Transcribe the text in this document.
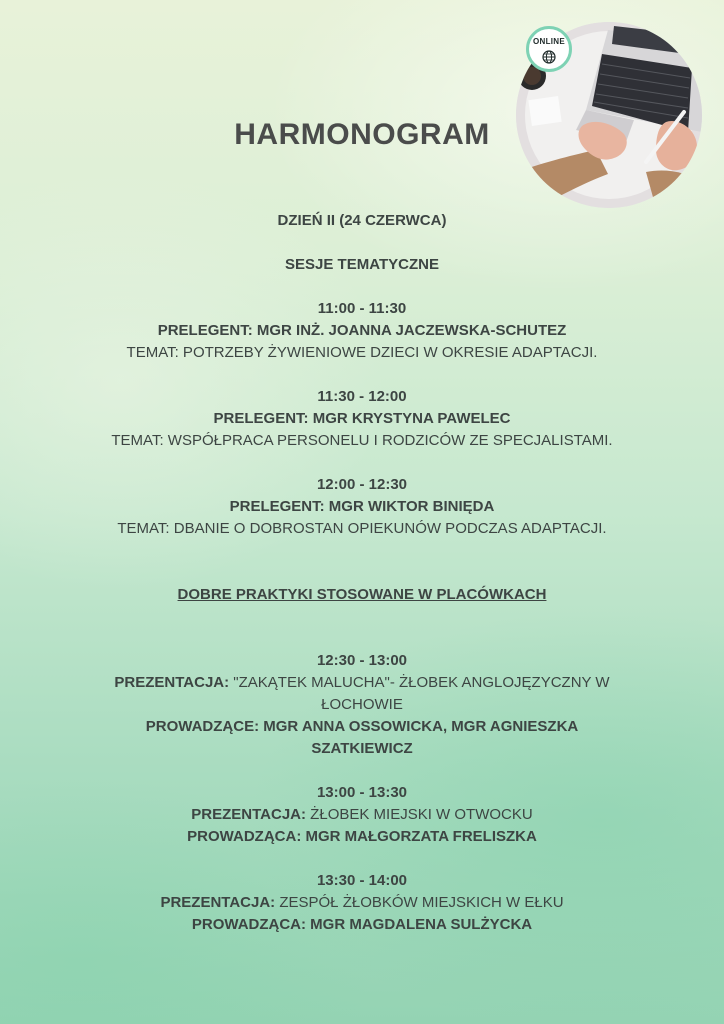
ONLINE
HARMONOGRAM
DZIEŃ II (24 CZERWCA)
SESJE TEMATYCZNE
11:00 - 11:30
PRELEGENT: MGR INŻ. JOANNA JACZEWSKA-SCHUTEZ
TEMAT: POTRZEBY ŻYWIENIOWE DZIECI W OKRESIE ADAPTACJI.
11:30 - 12:00
PRELEGENT: MGR KRYSTYNA PAWELEC
TEMAT: WSPÓŁPRACA PERSONELU I RODZICÓW ZE SPECJALISTAMI.
12:00 - 12:30
PRELEGENT: MGR WIKTOR BINIĘDA
TEMAT: DBANIE O DOBROSTAN OPIEKUNÓW PODCZAS ADAPTACJI.
DOBRE PRAKTYKI STOSOWANE W PLACÓWKACH
12:30 - 13:00
PREZENTACJA: "ZAKĄTEK MALUCHA"- ŻŁOBEK ANGLOJĘZYCZNY W
ŁOCHOWIE
PROWADZĄCE: MGR ANNA OSSOWICKA, MGR AGNIESZKA
SZATKIEWICZ
13:00 - 13:30
PREZENTACJA: ŻŁOBEK MIEJSKI W OTWOCKU
PROWADZĄCA: MGR MAŁGORZATA FRELISZKA
13:30 - 14:00
PREZENTACJA: ZESPÓŁ ŻŁOBKÓW MIEJSKICH W EŁKU
PROWADZĄCA: MGR MAGDALENA SULŻYCKA
